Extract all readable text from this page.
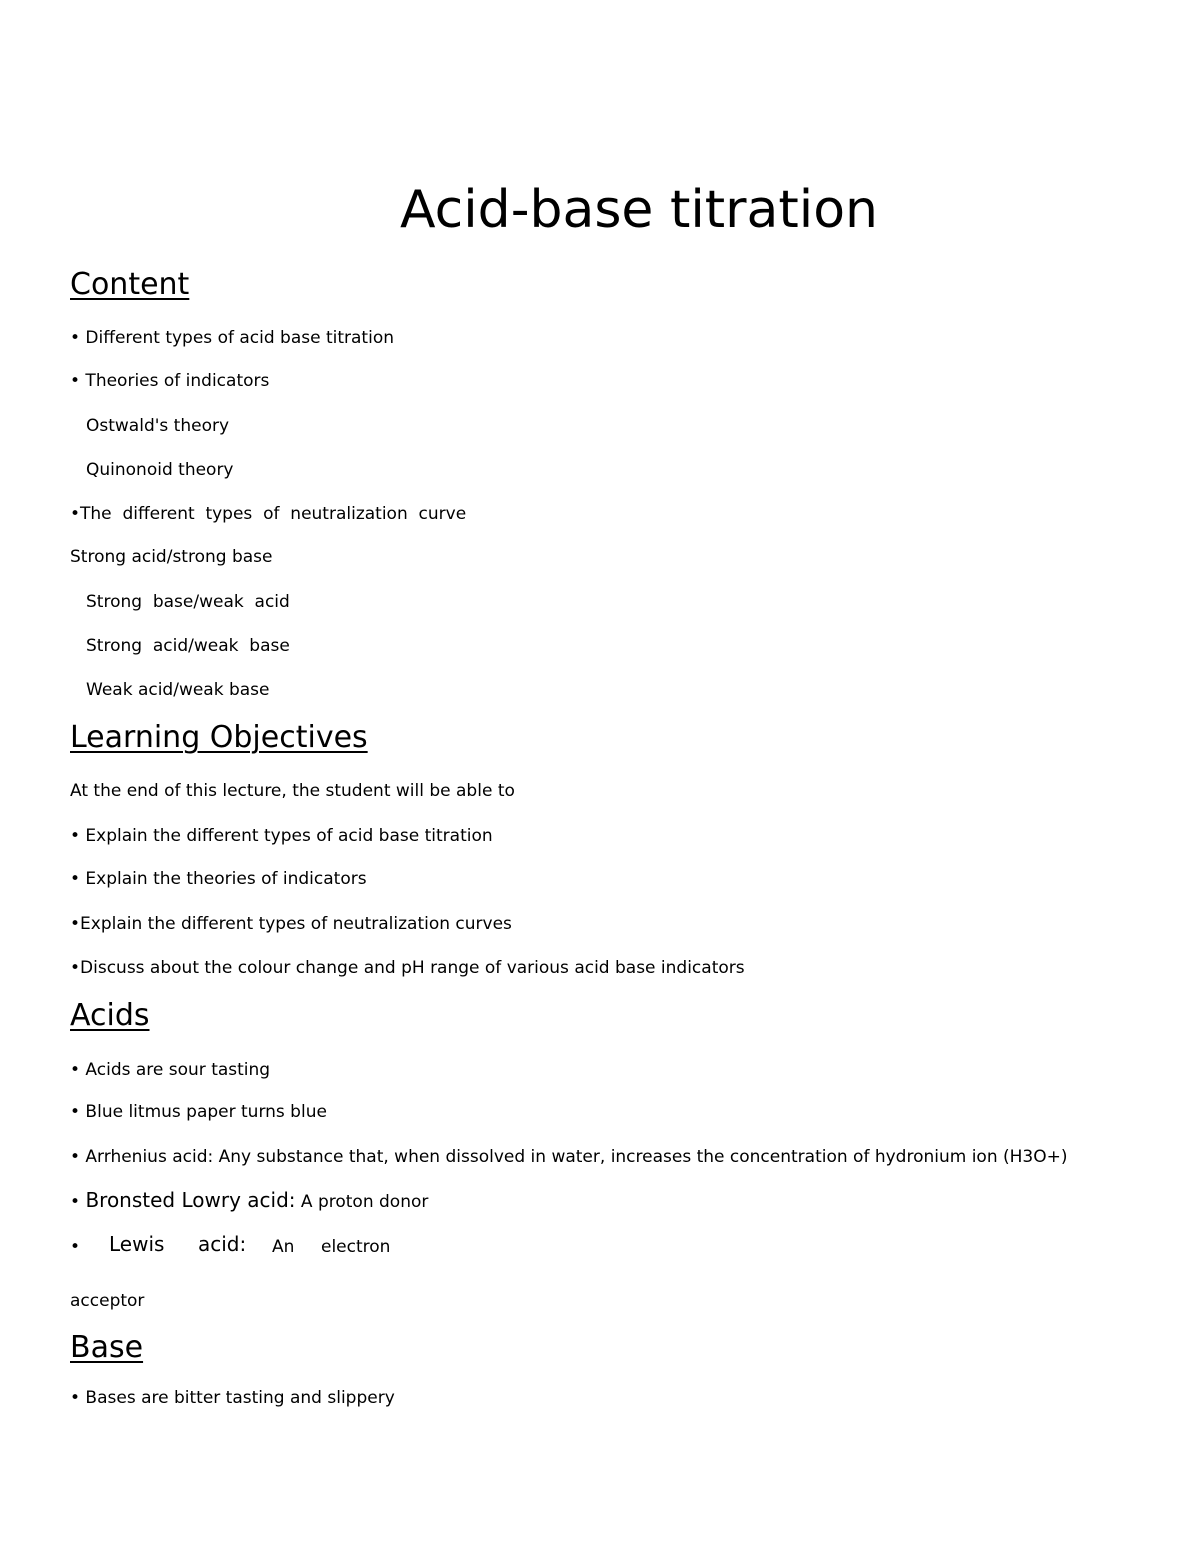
Acid-base titration
Content

• Different types of acid base titration

• Theories of indicators

Ostwald's theory

Quinonoid theory

•The  different  types  of  neutralization  curve

Strong acid/strong base

Strong  base/weak  acid

Strong  acid/weak  base

Weak acid/weak base

Learning Objectives

At the end of this lecture, the student will be able to

• Explain the different types of acid base titration

• Explain the theories of indicators

•Explain the different types of neutralization curves

•Discuss about the colour change and pH range of various acid base indicators

Acids

• Acids are sour tasting

• Blue litmus paper turns blue

• Arrhenius acid: Any substance that, when dissolved in water, increases the concentration of hydronium ion (H3O+)

• Bronsted Lowry acid: A proton donor

• Lewis acid: An electron

acceptor

Base

• Bases are bitter tasting and slippery
